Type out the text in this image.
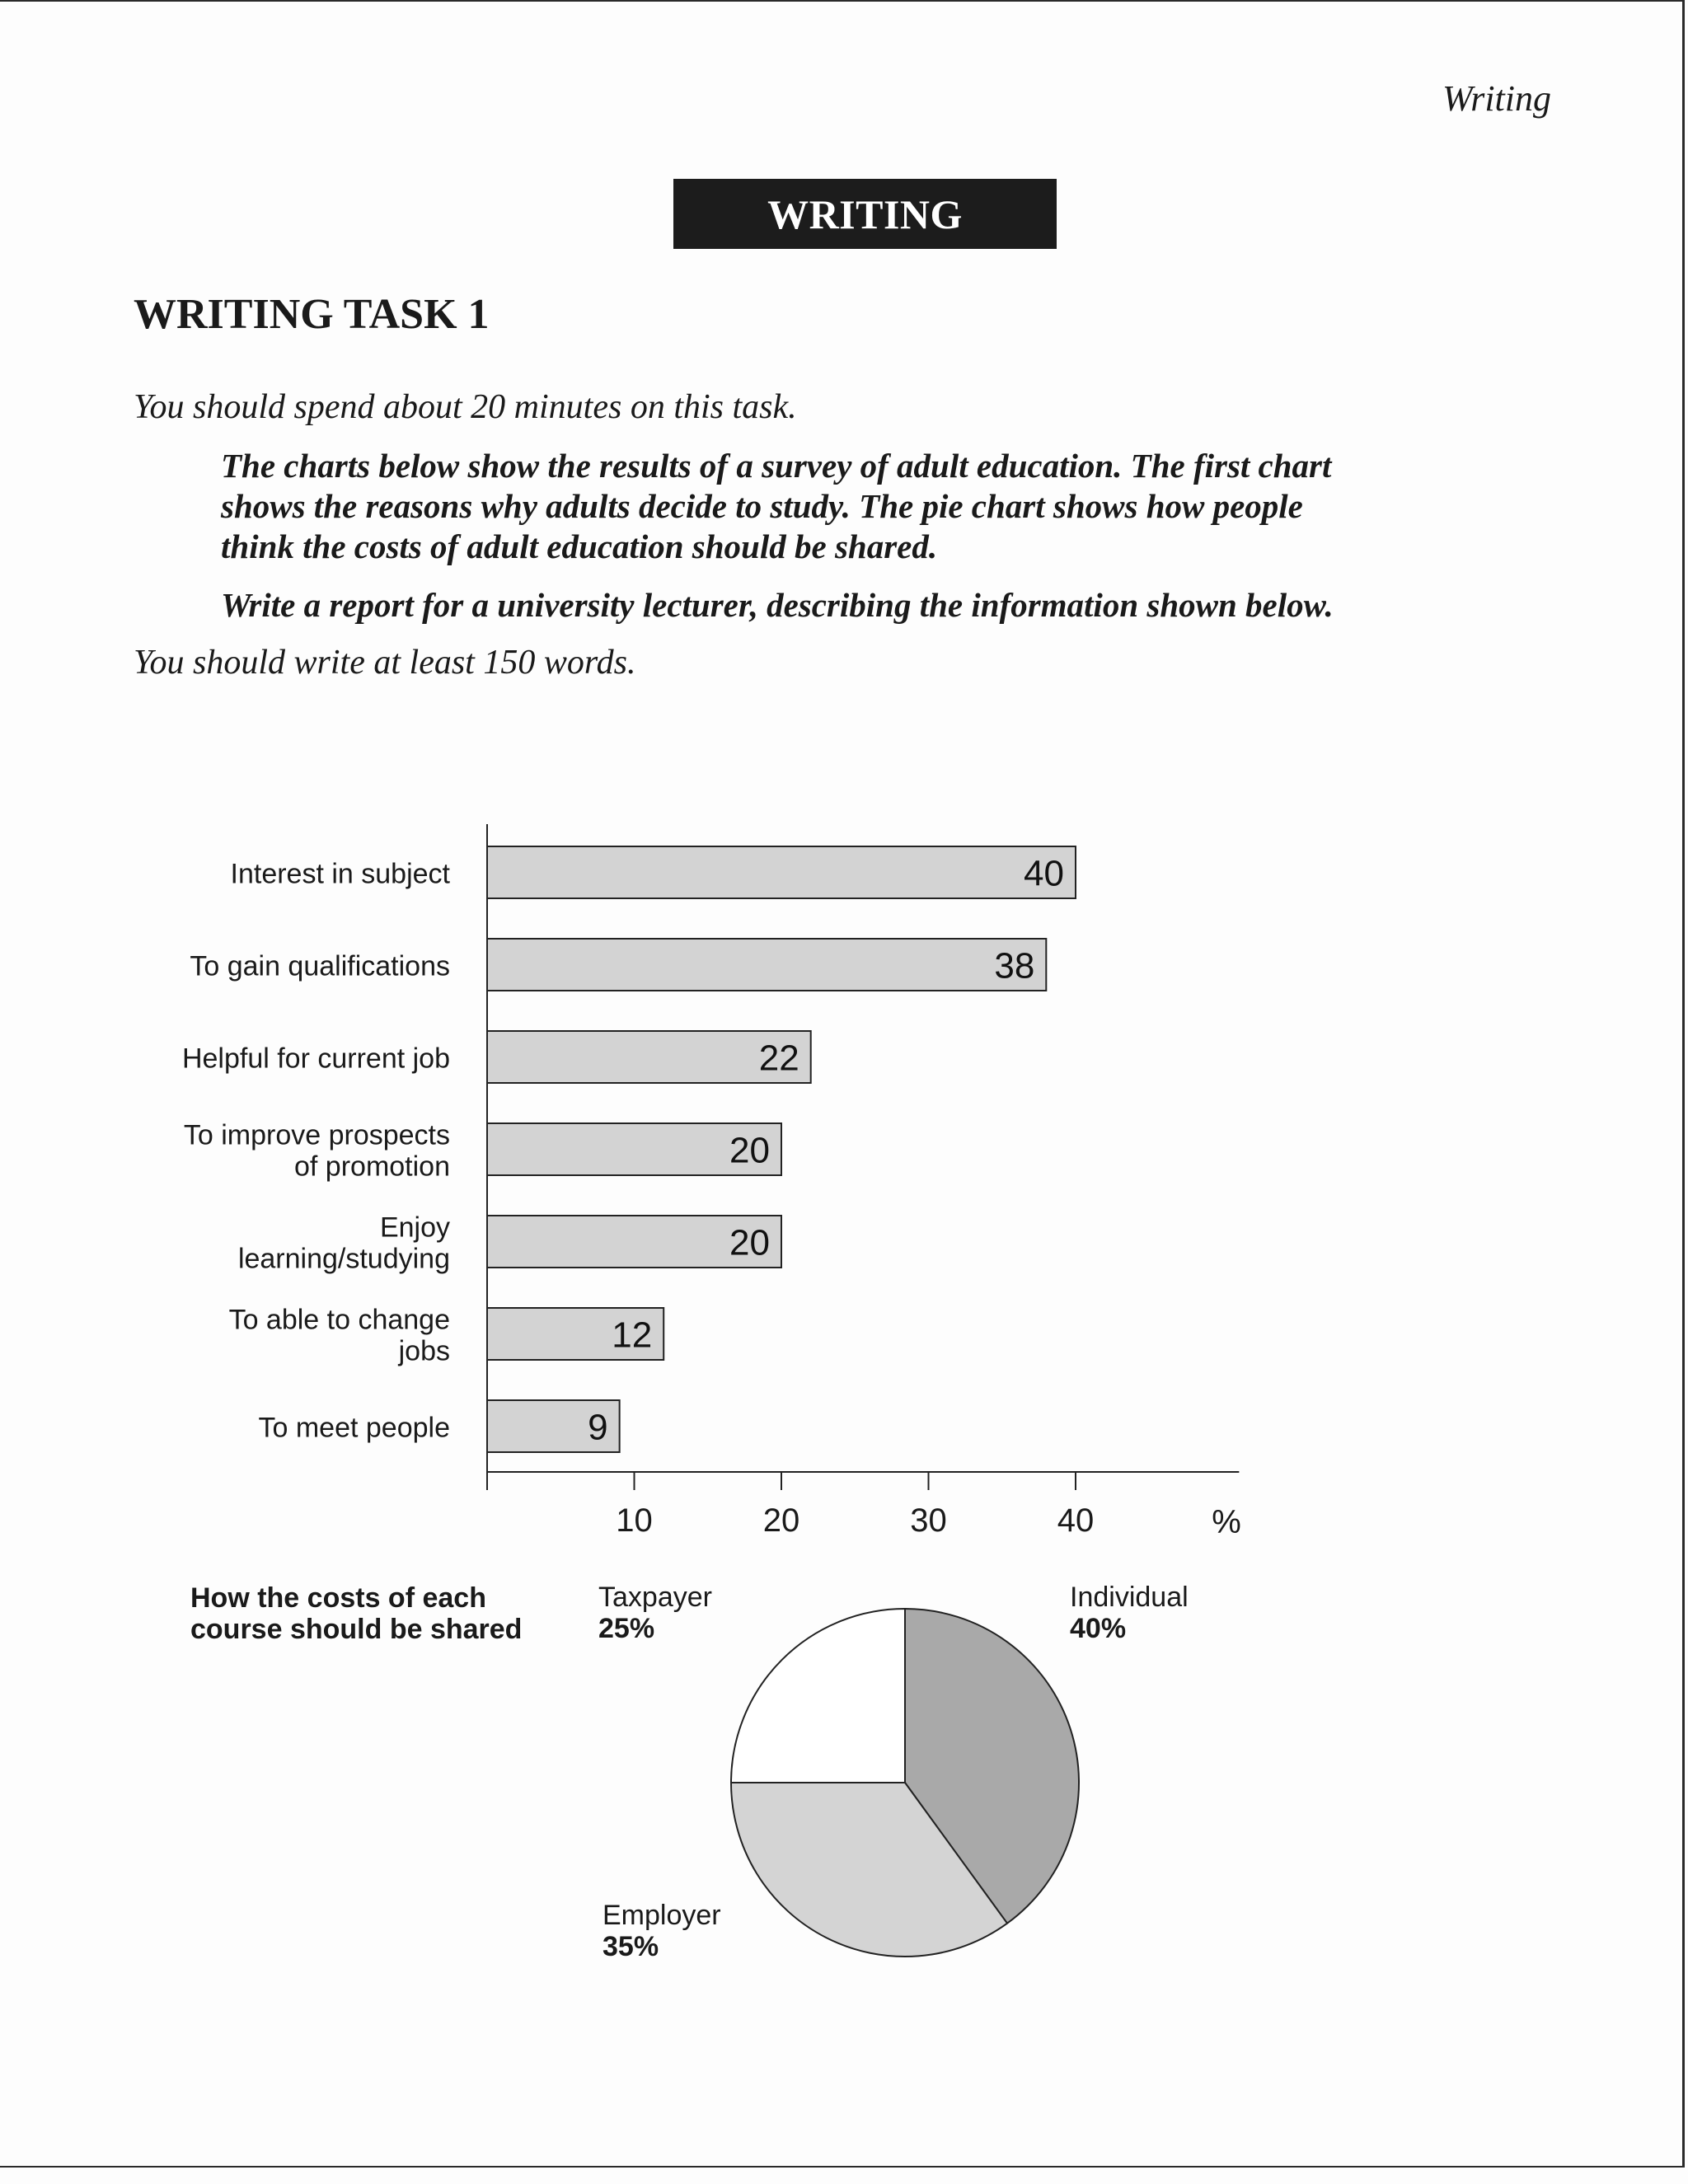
Writing
WRITING
WRITING TASK 1
You should spend about 20 minutes on this task.
The charts below show the results of a survey of adult education. The first chart
shows the reasons why adults decide to study. The pie chart shows how people
think the costs of adult education should be shared.
Write a report for a university lecturer, describing the information shown below.
You should write at least 150 words.
40
Interest in subject
38
To gain qualifications
22
Helpful for current job
20
To improve prospects
of promotion
20
Enjoy
learning/studying
12
To able to change
jobs
9
To meet people
10	20	30	40	%
How the costs of each
course should be shared
Individual
40%
Employer
35%
Taxpayer
25%
